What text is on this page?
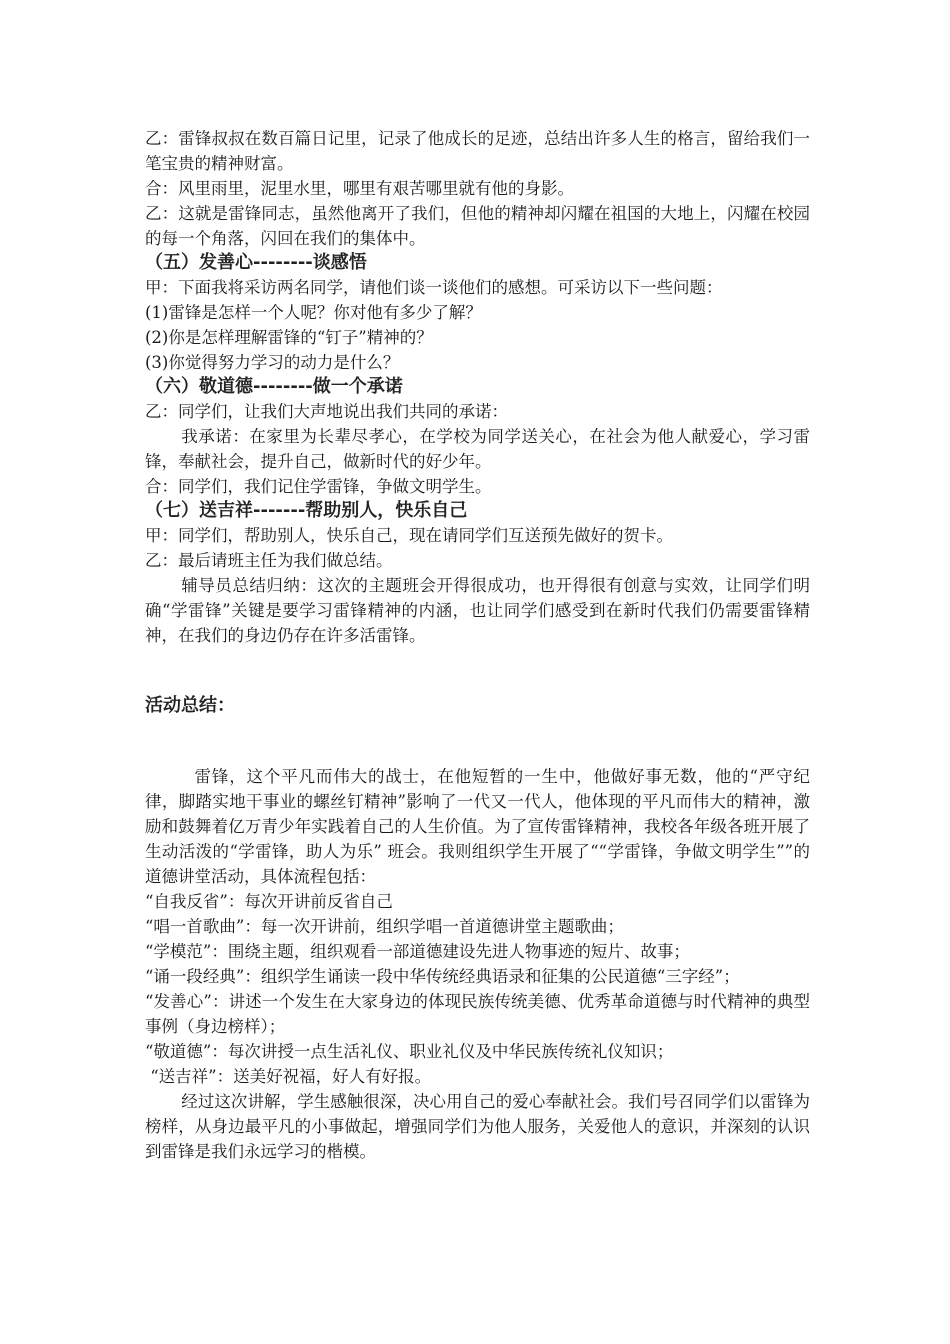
乙：雷锋叔叔在数百篇日记里，记录了他成长的足迹，总结出许多人生的格言，留给我们一笔宝贵的精神财富。

合：风里雨里，泥里水里，哪里有艰苦哪里就有他的身影。

乙：这就是雷锋同志，虽然他离开了我们，但他的精神却闪耀在祖国的大地上，闪耀在校园的每一个角落，闪回在我们的集体中。

（五）发善心--------谈感悟

甲：下面我将采访两名同学，请他们谈一谈他们的感想。可采访以下一些问题：

(1)雷锋是怎样一个人呢？你对他有多少了解？

(2)你是怎样理解雷锋的“钉子”精神的？

(3)你觉得努力学习的动力是什么？

（六）敬道德--------做一个承诺

乙：同学们，让我们大声地说出我们共同的承诺：

我承诺：在家里为长辈尽孝心，在学校为同学送关心，在社会为他人献爱心，学习雷锋，奉献社会，提升自己，做新时代的好少年。

合：同学们，我们记住学雷锋，争做文明学生。

（七）送吉祥-------帮助别人，快乐自己

甲：同学们，帮助别人，快乐自己，现在请同学们互送预先做好的贺卡。

乙：最后请班主任为我们做总结。

辅导员总结归纳：这次的主题班会开得很成功，也开得很有创意与实效，让同学们明确“学雷锋”关键是要学习雷锋精神的内涵，也让同学们感受到在新时代我们仍需要雷锋精神，在我们的身边仍存在许多活雷锋。

活动总结：

雷锋，这个平凡而伟大的战士，在他短暂的一生中，他做好事无数，他的“严守纪律，脚踏实地干事业的螺丝钉精神”影响了一代又一代人，他体现的平凡而伟大的精神，激励和鼓舞着亿万青少年实践着自己的人生价值。为了宣传雷锋精神，我校各年级各班开展了生动活泼的“学雷锋，助人为乐” 班会。我则组织学生开展了““学雷锋，争做文明学生””的道德讲堂活动，具体流程包括：

“自我反省”：每次开讲前反省自己

“唱一首歌曲”：每一次开讲前，组织学唱一首道德讲堂主题歌曲；

“学模范”：围绕主题，组织观看一部道德建设先进人物事迹的短片、故事；

“诵一段经典”：组织学生诵读一段中华传统经典语录和征集的公民道德“三字经”；

“发善心”：讲述一个发生在大家身边的体现民族传统美德、优秀革命道德与时代精神的典型事例（身边榜样）；

“敬道德”：每次讲授一点生活礼仪、职业礼仪及中华民族传统礼仪知识；

“送吉祥”：送美好祝福，好人有好报。

经过这次讲解，学生感触很深，决心用自己的爱心奉献社会。我们号召同学们以雷锋为榜样，从身边最平凡的小事做起，增强同学们为他人服务，关爱他人的意识，并深刻的认识到雷锋是我们永远学习的楷模。
